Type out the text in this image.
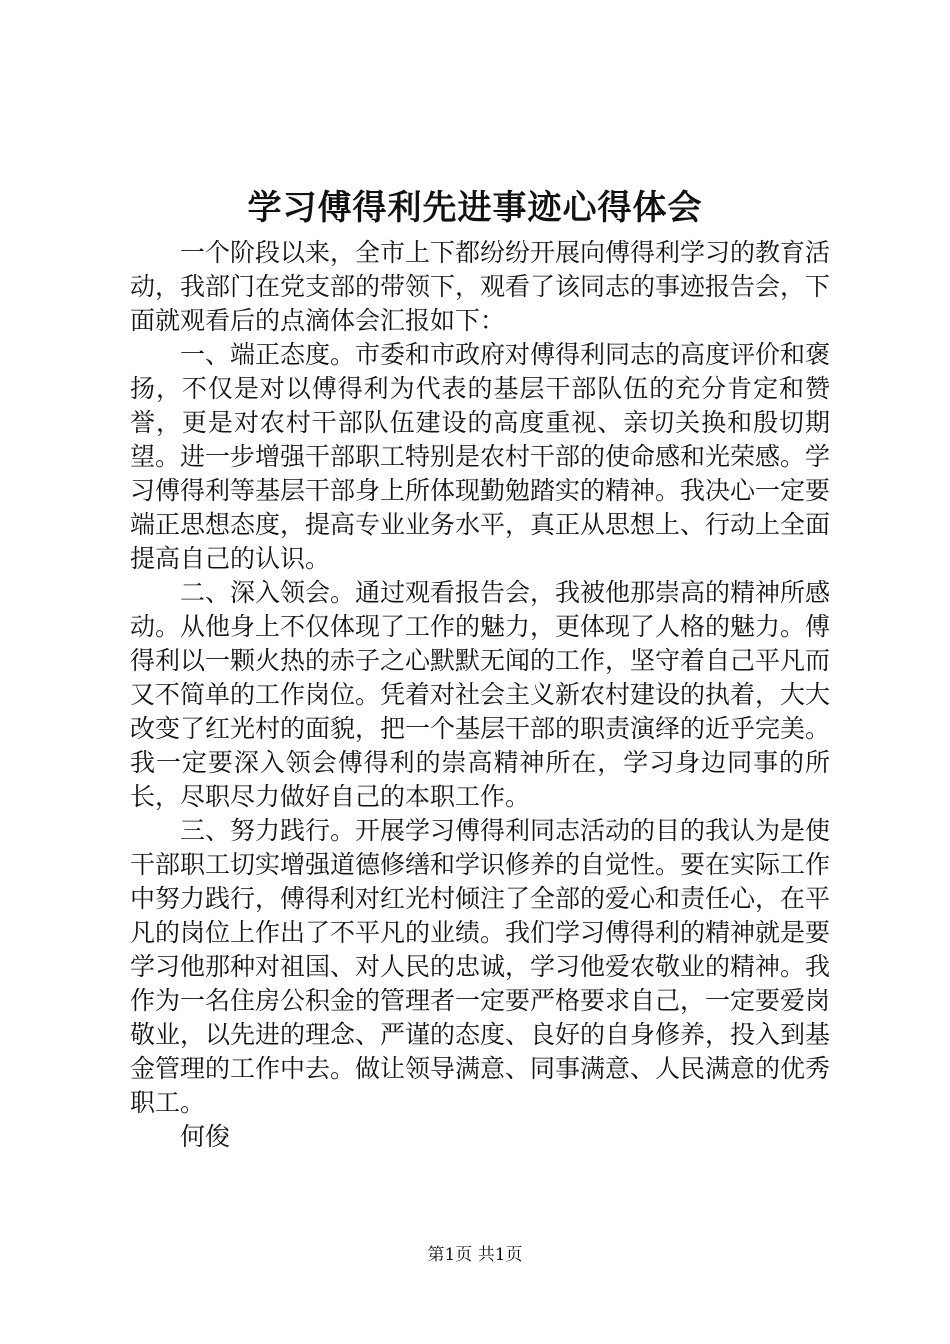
学习傅得利先进事迹心得体会

一个阶段以来，全市上下都纷纷开展向傅得利学习的教育活动，我部门在党支部的带领下，观看了该同志的事迹报告会，下面就观看后的点滴体会汇报如下：

一、端正态度。市委和市政府对傅得利同志的高度评价和褒扬，不仅是对以傅得利为代表的基层干部队伍的充分肯定和赞誉，更是对农村干部队伍建设的高度重视、亲切关换和殷切期望。进一步增强干部职工特别是农村干部的使命感和光荣感。学习傅得利等基层干部身上所体现勤勉踏实的精神。我决心一定要端正思想态度，提高专业业务水平，真正从思想上、行动上全面提高自己的认识。

二、深入领会。通过观看报告会，我被他那崇高的精神所感动。从他身上不仅体现了工作的魅力，更体现了人格的魅力。傅得利以一颗火热的赤子之心默默无闻的工作，坚守着自己平凡而又不简单的工作岗位。凭着对社会主义新农村建设的执着，大大改变了红光村的面貌，把一个基层干部的职责演绎的近乎完美。我一定要深入领会傅得利的崇高精神所在，学习身边同事的所长，尽职尽力做好自己的本职工作。

三、努力践行。开展学习傅得利同志活动的目的我认为是使干部职工切实增强道德修缮和学识修养的自觉性。要在实际工作中努力践行，傅得利对红光村倾注了全部的爱心和责任心，在平凡的岗位上作出了不平凡的业绩。我们学习傅得利的精神就是要学习他那种对祖国、对人民的忠诚，学习他爱农敬业的精神。我作为一名住房公积金的管理者一定要严格要求自己，一定要爱岗敬业，以先进的理念、严谨的态度、良好的自身修养，投入到基金管理的工作中去。做让领导满意、同事满意、人民满意的优秀职工。

何俊

第1页 共1页
